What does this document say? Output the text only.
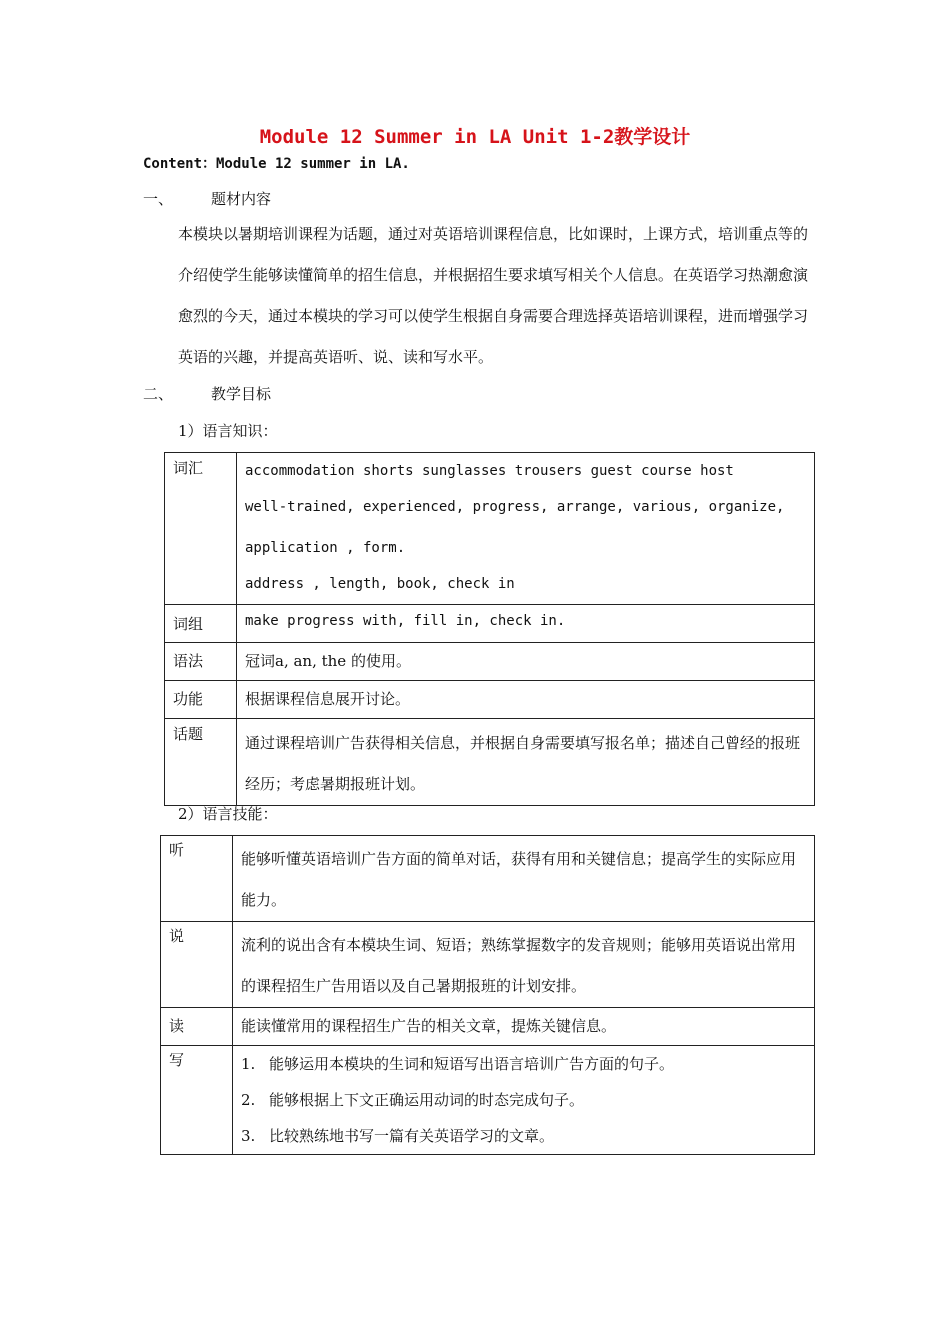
Module 12 Summer in LA Unit 1-2教学设计
Content：Module 12 summer in LA.
一、	题材内容
本模块以暑期培训课程为话题，通过对英语培训课程信息，比如课时，上课方式，培训重点等的介绍使学生能够读懂简单的招生信息，并根据招生要求填写相关个人信息。在英语学习热潮愈演愈烈的今天，通过本模块的学习可以使学生根据自身需要合理选择英语培训课程，进而增强学习英语的兴趣，并提高英语听、说、读和写水平。
二、	教学目标
1）语言知识：
词汇	accommodation shorts sunglasses trousers guest course host
well-trained, experienced, progress, arrange, various, organize,
application , form.
address , length, book, check in

词组	make progress with, fill in, check in.
语法	冠词a, an, the 的使用。
功能	根据课程信息展开讨论。
话题	通过课程培训广告获得相关信息，并根据自身需要填写报名单；描述自己曾经的报班经历；考虑暑期报班计划。
2）语言技能：
听	能够听懂英语培训广告方面的简单对话，获得有用和关键信息；提高学生的实际应用能力。
说	流利的说出含有本模块生词、短语；熟练掌握数字的发音规则；能够用英语说出常用的课程招生广告用语以及自己暑期报班的计划安排。
读	能读懂常用的课程招生广告的相关文章，提炼关键信息。
写	1. 能够运用本模块的生词和短语写出语言培训广告方面的句子。
2. 能够根据上下文正确运用动词的时态完成句子。
3. 比较熟练地书写一篇有关英语学习的文章。
